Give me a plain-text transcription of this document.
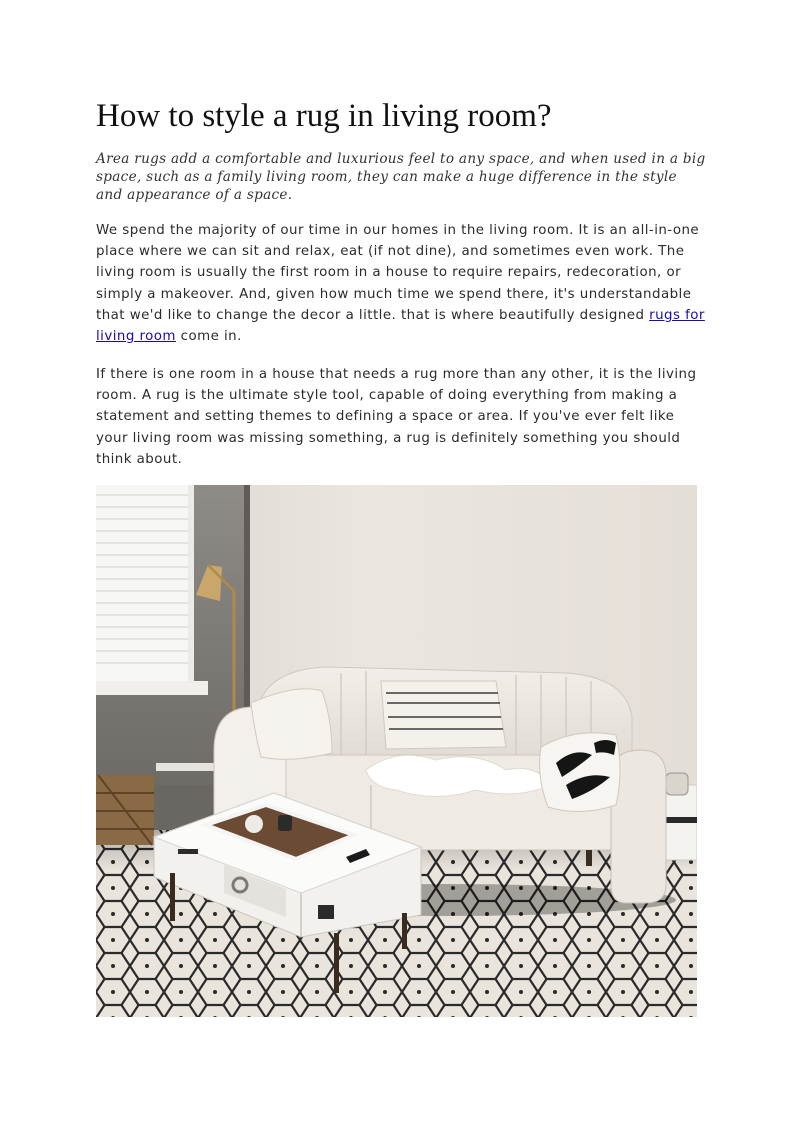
How to style a rug in living room?

Area rugs add a comfortable and luxurious feel to any space, and when used in a big space, such as a family living room, they can make a huge difference in the style and appearance of a space.

We spend the majority of our time in our homes in the living room. It is an all-in-one place where we can sit and relax, eat (if not dine), and sometimes even work. The living room is usually the first room in a house to require repairs, redecoration, or simply a makeover. And, given how much time we spend there, it's understandable that we'd like to change the decor a little. that is where beautifully designed rugs for living room come in.

If there is one room in a house that needs a rug more than any other, it is the living room. A rug is the ultimate style tool, capable of doing everything from making a statement and setting themes to defining a space or area. If you've ever felt like your living room was missing something, a rug is definitely something you should think about.
